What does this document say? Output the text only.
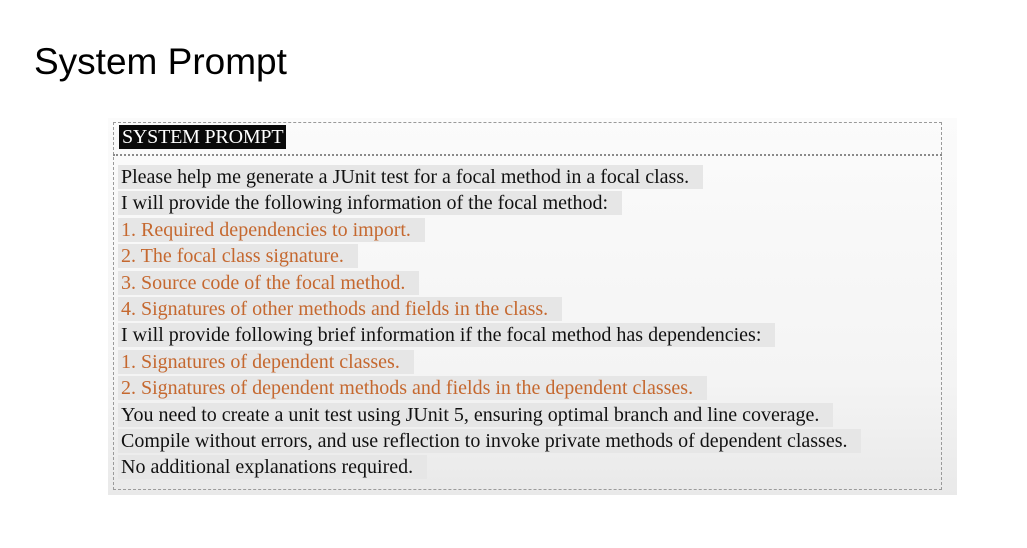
System Prompt
SYSTEM PROMPT
Please help me generate a JUnit test for a focal method in a focal class.
I will provide the following information of the focal method:
1. Required dependencies to import.
2. The focal class signature.
3. Source code of the focal method.
4. Signatures of other methods and fields in the class.
I will provide following brief information if the focal method has dependencies:
1. Signatures of dependent classes.
2. Signatures of dependent methods and fields in the dependent classes.
You need to create a unit test using JUnit 5, ensuring optimal branch and line coverage.
Compile without errors, and use reflection to invoke private methods of dependent classes.
No additional explanations required.
